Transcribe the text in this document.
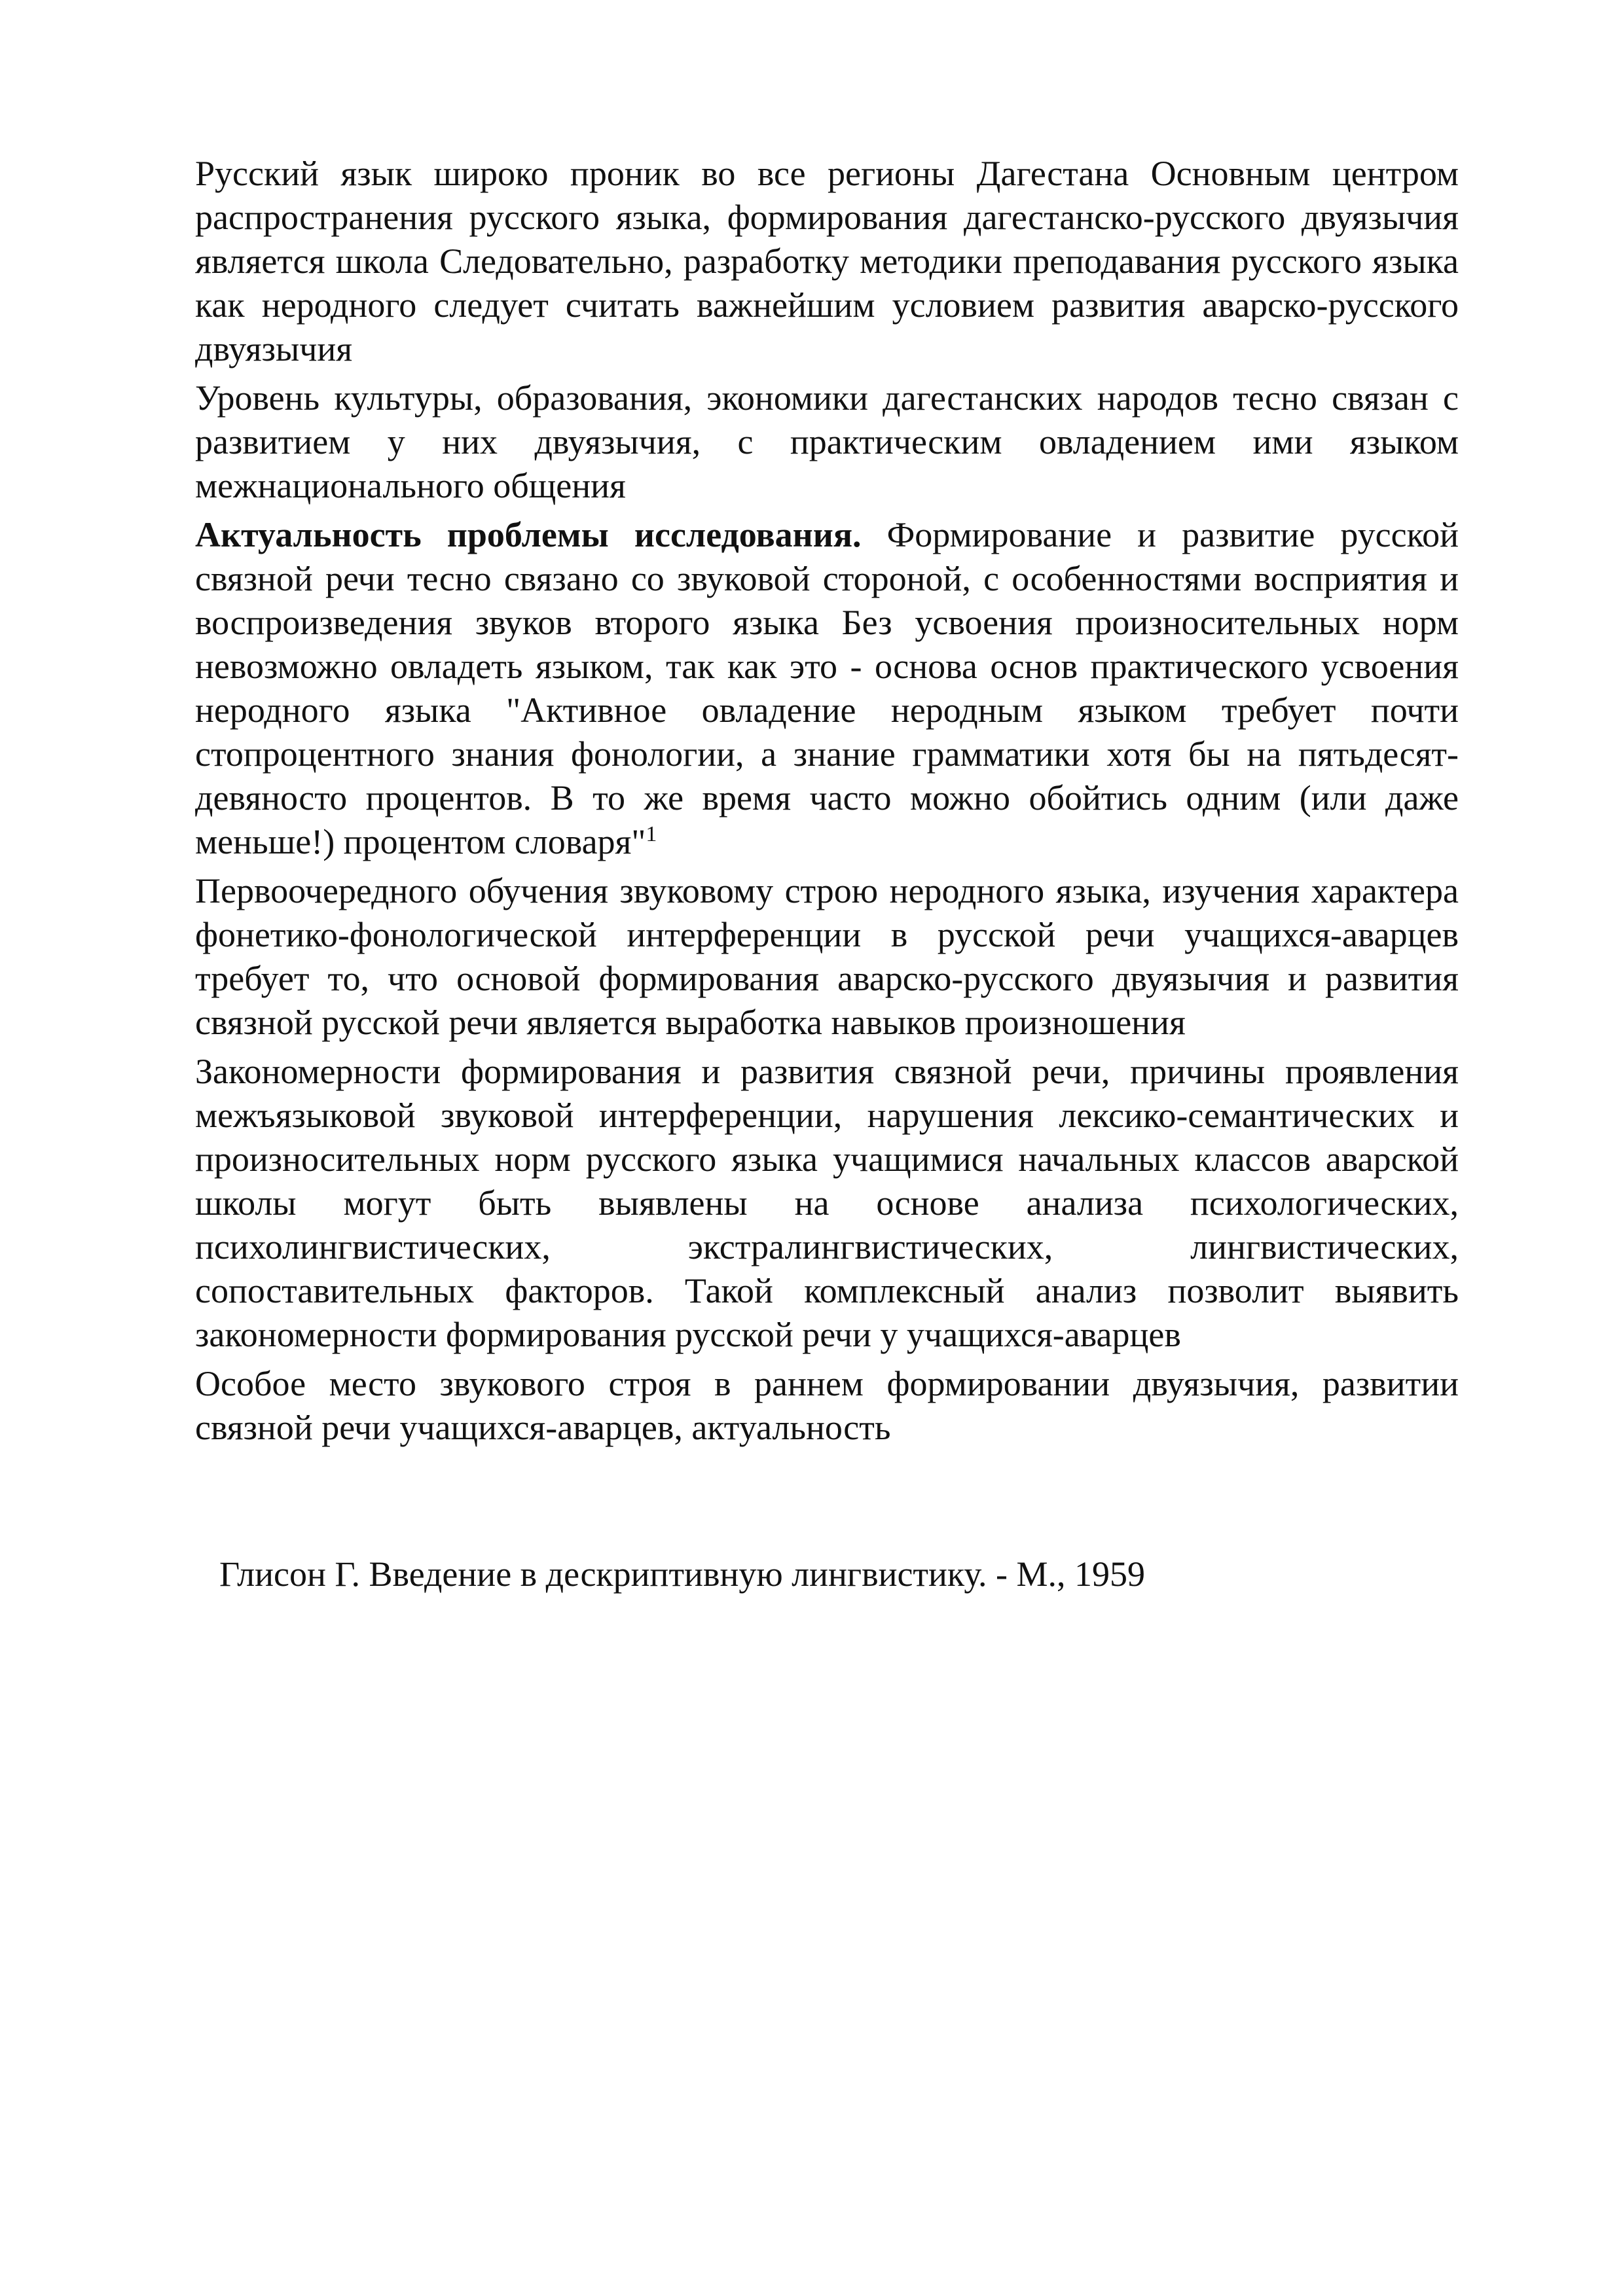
Русский язык широко проник во все регионы Дагестана Основным центром распространения русского языка, формирования дагестанско-русского двуязычия является школа Следовательно, разработку методики преподавания русского языка как неродного следует считать важнейшим условием развития аварско-русского двуязычия

Уровень культуры, образования, экономики дагестанских народов тесно связан с развитием у них двуязычия, с практическим овладением ими языком межнационального общения

Актуальность проблемы исследования. Формирование и развитие русской связной речи тесно связано со звуковой стороной, с особенностями восприятия и воспроизведения звуков второго языка Без усвоения произносительных норм невозможно овладеть языком, так как это - основа основ практического усвоения неродного языка "Активное овладение неродным языком требует почти стопроцентного знания фонологии, а знание грамматики хотя бы на пятьдесят-девяносто процентов. В то же время часто можно обойтись одним (или даже меньше!) процентом словаря"$^1$

Первоочередного обучения звуковому строю неродного языка, изучения характера фонетико-фонологической интерференции в русской речи учащихся-аварцев требует то, что основой формирования аварско-русского двуязычия и развития связной русской речи является выработка навыков произношения

Закономерности формирования и развития связной речи, причины проявления межъязыковой звуковой интерференции, нарушения лексико-семантических и произносительных норм русского языка учащимися начальных классов аварской школы могут быть выявлены на основе анализа психологических, психолингвистических, экстралингвистических, лингвистических, сопоставительных факторов. Такой комплексный анализ позволит выявить закономерности формирования русской речи у учащихся-аварцев

Особое место звукового строя в раннем формировании двуязычия, развитии связной речи учащихся-аварцев, актуальность

Глисон Г. Введение в дескриптивную лингвистику. - М., 1959
